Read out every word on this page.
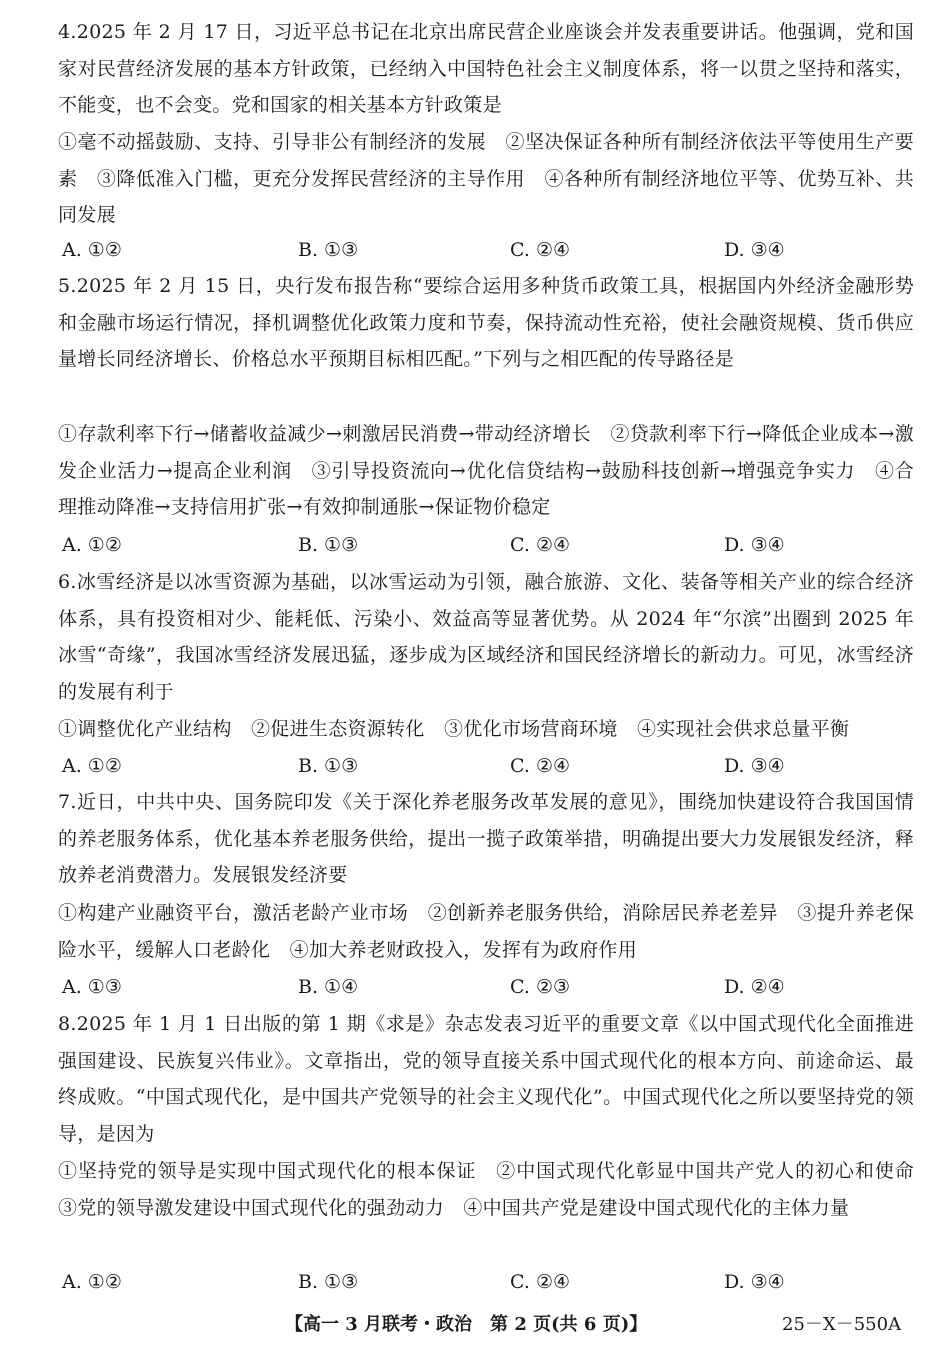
4.2025 年 2 月 17 日，习近平总书记在北京出席民营企业座谈会并发表重要讲话。他强调，党和国家对民营经济发展的基本方针政策，已经纳入中国特色社会主义制度体系，将一以贯之坚持和落实，不能变，也不会变。党和国家的相关基本方针政策是
①毫不动摇鼓励、支持、引导非公有制经济的发展　②坚决保证各种所有制经济依法平等使用生产要素　③降低准入门槛，更充分发挥民营经济的主导作用　④各种所有制经济地位平等、优势互补、共同发展
A. ①②	B. ①③	C. ②④	D. ③④
5.2025 年 2 月 15 日，央行发布报告称“要综合运用多种货币政策工具，根据国内外经济金融形势和金融市场运行情况，择机调整优化政策力度和节奏，保持流动性充裕，使社会融资规模、货币供应量增长同经济增长、价格总水平预期目标相匹配。”下列与之相匹配的传导路径是
①存款利率下行→储蓄收益减少→刺激居民消费→带动经济增长　②贷款利率下行→降低企业成本→激发企业活力→提高企业利润　③引导投资流向→优化信贷结构→鼓励科技创新→增强竞争实力　④合理推动降准→支持信用扩张→有效抑制通胀→保证物价稳定
A. ①②	B. ①③	C. ②④	D. ③④
6.冰雪经济是以冰雪资源为基础，以冰雪运动为引领，融合旅游、文化、装备等相关产业的综合经济体系，具有投资相对少、能耗低、污染小、效益高等显著优势。从 2024 年“尔滨”出圈到 2025 年冰雪“奇缘”，我国冰雪经济发展迅猛，逐步成为区域经济和国民经济增长的新动力。可见，冰雪经济的发展有利于
①调整优化产业结构　②促进生态资源转化　③优化市场营商环境　④实现社会供求总量平衡
A. ①②	B. ①③	C. ②④	D. ③④
7.近日，中共中央、国务院印发《关于深化养老服务改革发展的意见》，围绕加快建设符合我国国情的养老服务体系，优化基本养老服务供给，提出一揽子政策举措，明确提出要大力发展银发经济，释放养老消费潜力。发展银发经济要
①构建产业融资平台，激活老龄产业市场　②创新养老服务供给，消除居民养老差异　③提升养老保险水平，缓解人口老龄化　④加大养老财政投入，发挥有为政府作用
A. ①③	B. ①④	C. ②③	D. ②④
8.2025 年 1 月 1 日出版的第 1 期《求是》杂志发表习近平的重要文章《以中国式现代化全面推进强国建设、民族复兴伟业》。文章指出，党的领导直接关系中国式现代化的根本方向、前途命运、最终成败。“中国式现代化，是中国共产党领导的社会主义现代化”。中国式现代化之所以要坚持党的领导，是因为
①坚持党的领导是实现中国式现代化的根本保证　②中国式现代化彰显中国共产党人的初心和使命　③党的领导激发建设中国式现代化的强劲动力　④中国共产党是建设中国式现代化的主体力量
A. ①②	B. ①③	C. ②④	D. ③④
【高一 3 月联考・政治　第 2 页(共 6 页)】	25－X－550A
